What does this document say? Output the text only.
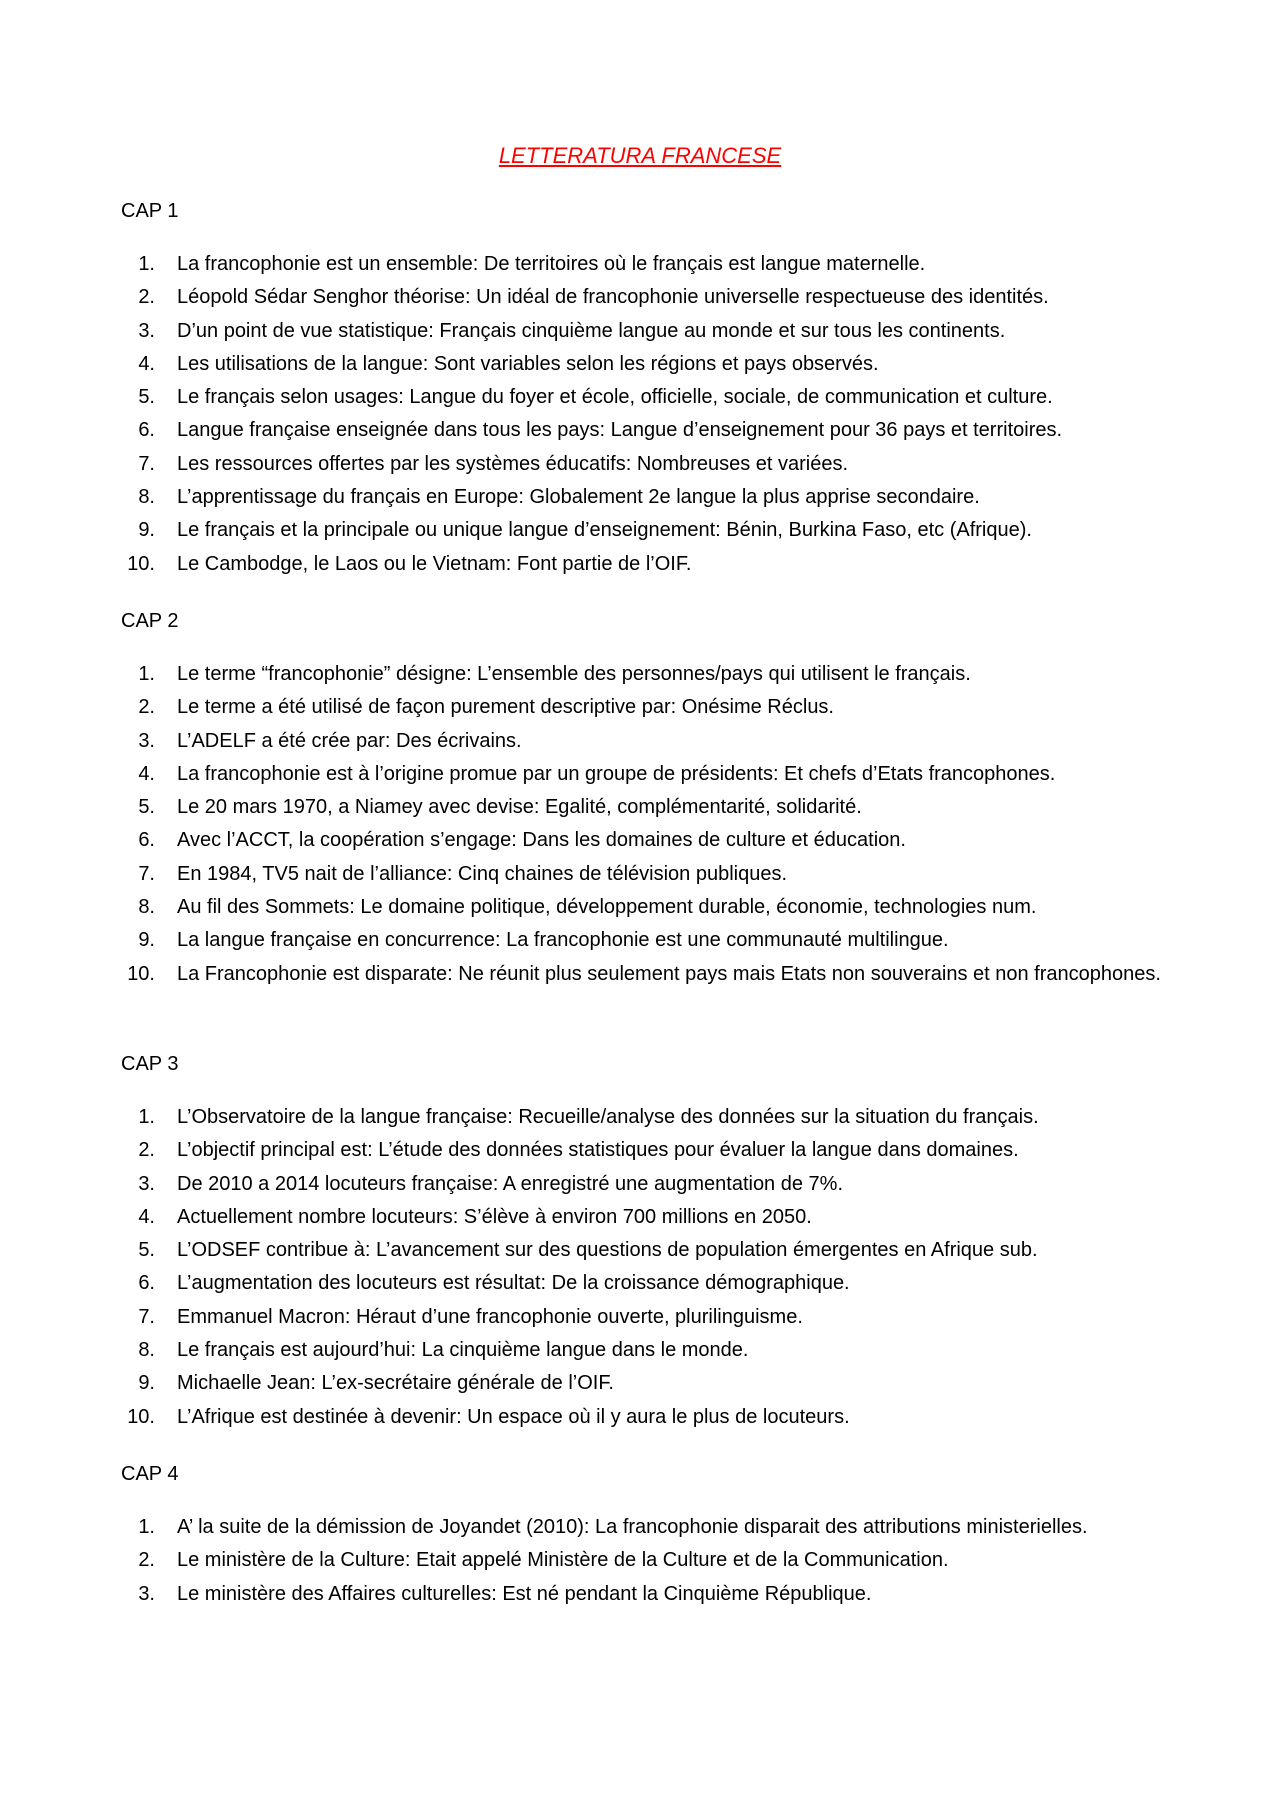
LETTERATURA FRANCESE
CAP 1
1.	La francophonie est un ensemble: De territoires où le français est langue maternelle.
2.	Léopold Sédar Senghor théorise: Un idéal de francophonie universelle respectueuse des identités.
3.	D’un point de vue statistique: Français cinquième langue au monde et sur tous les continents.
4.	Les utilisations de la langue: Sont variables selon les régions et pays observés.
5.	Le français selon usages: Langue du foyer et école, officielle, sociale, de communication et culture.
6.	Langue française enseignée dans tous les pays: Langue d’enseignement pour 36 pays et territoires.
7.	Les ressources offertes par les systèmes éducatifs: Nombreuses et variées.
8.	L’apprentissage du français en Europe: Globalement 2e langue la plus apprise secondaire.
9.	Le français et la principale ou unique langue d’enseignement: Bénin, Burkina Faso, etc (Afrique).
10.	Le Cambodge, le Laos ou le Vietnam: Font partie de l’OIF.
CAP 2
1.	Le terme “francophonie” désigne: L’ensemble des personnes/pays qui utilisent le français.
2.	Le terme a été utilisé de façon purement descriptive par: Onésime Réclus.
3.	L’ADELF a été crée par: Des écrivains.
4.	La francophonie est à l’origine promue par un groupe de présidents: Et chefs d’Etats francophones.
5.	Le 20 mars 1970, a Niamey avec devise: Egalité, complémentarité, solidarité.
6.	Avec l’ACCT, la coopération s’engage: Dans les domaines de culture et éducation.
7.	En 1984, TV5 nait de l’alliance: Cinq chaines de télévision publiques.
8.	Au fil des Sommets: Le domaine politique, développement durable, économie, technologies num.
9.	La langue française en concurrence: La francophonie est une communauté multilingue.
10.	La Francophonie est disparate: Ne réunit plus seulement pays mais Etats non souverains et non francophones.
CAP 3
1.	L’Observatoire de la langue française: Recueille/analyse des données sur la situation du français.
2.	L’objectif principal est: L’étude des données statistiques pour évaluer la langue dans domaines.
3.	De 2010 a 2014 locuteurs française: A enregistré une augmentation de 7%.
4.	Actuellement nombre locuteurs: S’élève à environ 700 millions en 2050.
5.	L’ODSEF contribue à: L’avancement sur des questions de population émergentes en Afrique sub.
6.	L’augmentation des locuteurs est résultat: De la croissance démographique.
7.	Emmanuel Macron: Héraut d’une francophonie ouverte, plurilinguisme.
8.	Le français est aujourd’hui: La cinquième langue dans le monde.
9.	Michaelle Jean: L’ex-secrétaire générale de l’OIF.
10.	L’Afrique est destinée à devenir: Un espace où il y aura le plus de locuteurs.
CAP 4
1.	A’ la suite de la démission de Joyandet (2010): La francophonie disparait des attributions ministerielles.
2.	Le ministère de la Culture: Etait appelé Ministère de la Culture et de la Communication.
3.	Le ministère des Affaires culturelles: Est né pendant la Cinquième République.
